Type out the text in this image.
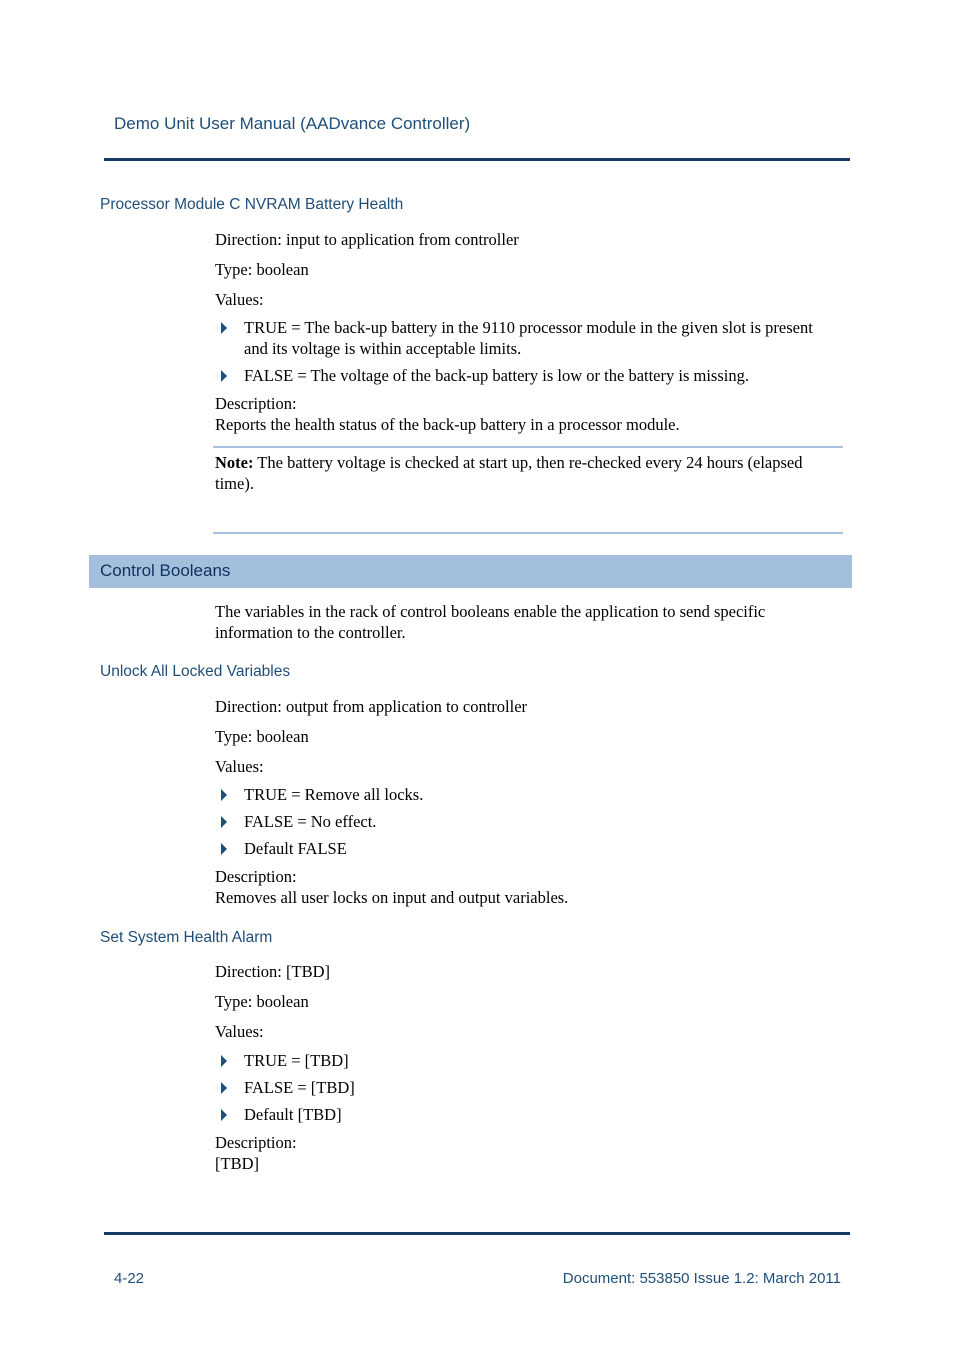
Demo Unit User Manual (AADvance Controller)
Processor Module C NVRAM Battery Health

Direction: input to application from controller

Type: boolean

Values:

TRUE = The back-up battery in the 9110 processor module in the given slot is present and its voltage is within acceptable limits.
FALSE = The voltage of the back-up battery is low or the battery is missing.

Description:

Reports the health status of the back-up battery in a processor module.

Note: The battery voltage is checked at start up, then re-checked every 24 hours (elapsed time).

Control Booleans

The variables in the rack of control booleans enable the application to send specific information to the controller.

Unlock All Locked Variables

Direction: output from application to controller

Type: boolean

Values:

TRUE = Remove all locks.
FALSE = No effect.
Default FALSE

Description:

Removes all user locks on input and output variables.

Set System Health Alarm

Direction: [TBD]

Type: boolean

Values:

TRUE = [TBD]
FALSE = [TBD]
Default [TBD]

Description:

[TBD]

4-22	Document: 553850 Issue 1.2: March 2011
